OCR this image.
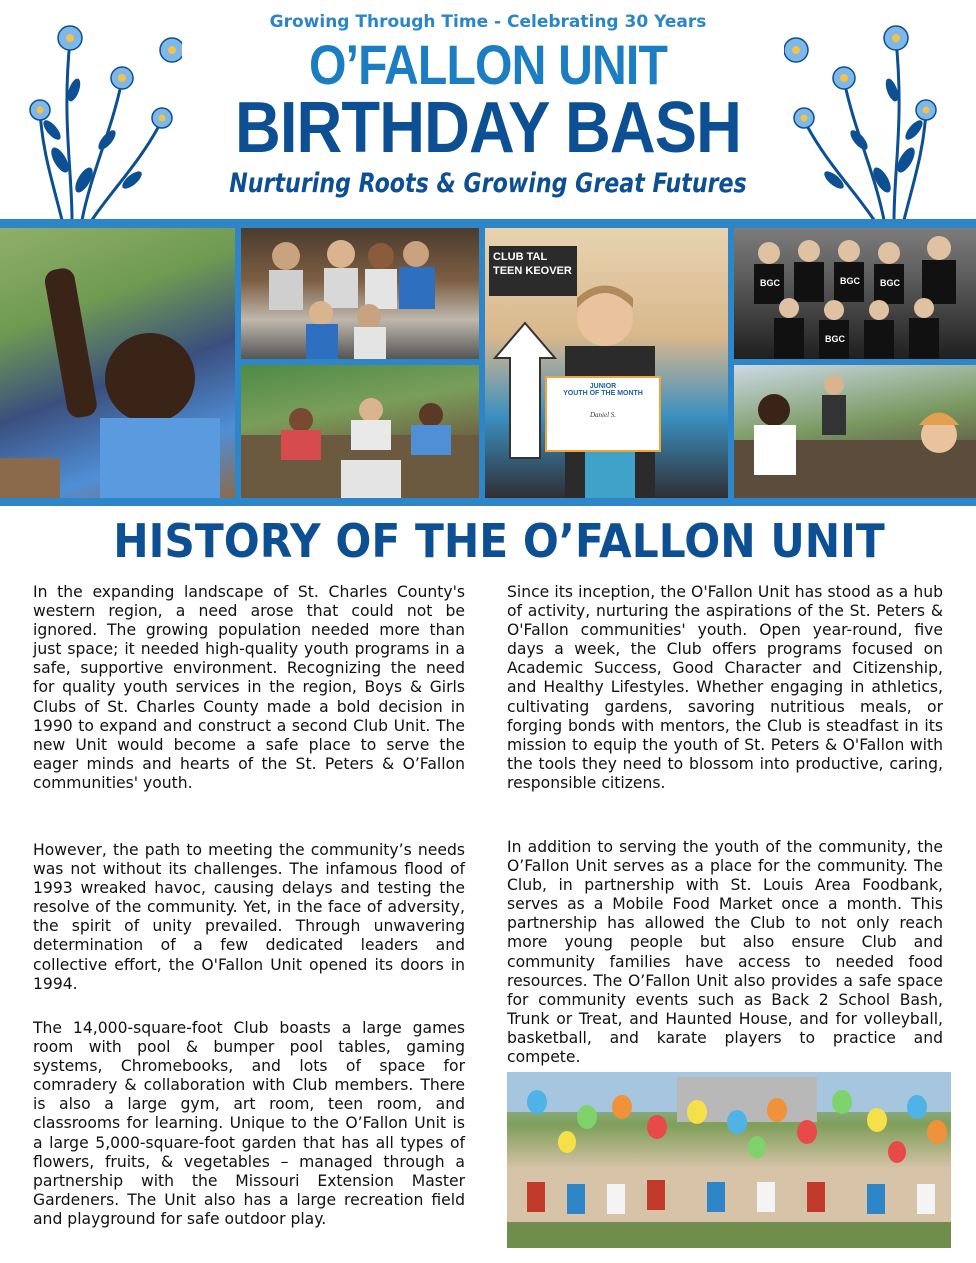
Growing Through Time - Celebrating 30 Years
O’FALLON UNIT
BIRTHDAY BASH
Nurturing Roots & Growing Great Futures
CLUB TAL TEEN KEOVER
JUNIOR
YOUTH OF THE MONTH
Daniel S.
BGC	BGC BGC
BGC
HISTORY OF THE O’FALLON UNIT
In the expanding landscape of St. Charles County's western region, a need arose that could not be ignored. The growing population needed more than just space; it needed high-quality youth programs in a safe, supportive environment. Recognizing the need for quality youth services in the region, Boys & Girls Clubs of St. Charles County made a bold decision in 1990 to expand and construct a second Club Unit. The new Unit would become a safe place to serve the eager minds and hearts of the St. Peters & O’Fallon communities' youth.
However, the path to meeting the community’s needs was not without its challenges. The infamous flood of 1993 wreaked havoc, causing delays and testing the resolve of the community. Yet, in the face of adversity, the spirit of unity prevailed. Through unwavering determination of a few dedicated leaders and collective effort, the O'Fallon Unit opened its doors in 1994.
The 14,000-square-foot Club boasts a large games room with pool & bumper pool tables, gaming systems, Chromebooks, and lots of space for comradery & collaboration with Club members. There is also a large gym, art room, teen room, and classrooms for learning. Unique to the O’Fallon Unit is a large 5,000-square-foot garden that has all types of flowers, fruits, & vegetables – managed through a partnership with the Missouri Extension Master Gardeners. The Unit also has a large recreation field and playground for safe outdoor play.
Since its inception, the O'Fallon Unit has stood as a hub of activity, nurturing the aspirations of the St. Peters & O'Fallon communities' youth. Open year-round, five days a week, the Club offers programs focused on Academic Success, Good Character and Citizenship, and Healthy Lifestyles. Whether engaging in athletics, cultivating gardens, savoring nutritious meals, or forging bonds with mentors, the Club is steadfast in its mission to equip the youth of St. Peters & O'Fallon with the tools they need to blossom into productive, caring, responsible citizens.
In addition to serving the youth of the community, the O’Fallon Unit serves as a place for the community. The Club, in partnership with St. Louis Area Foodbank, serves as a Mobile Food Market once a month. This partnership has allowed the Club to not only reach more young people but also ensure Club and community families have access to needed food resources. The O’Fallon Unit also provides a safe space for community events such as Back 2 School Bash, Trunk or Treat, and Haunted House, and for volleyball, basketball, and karate players to practice and compete.
